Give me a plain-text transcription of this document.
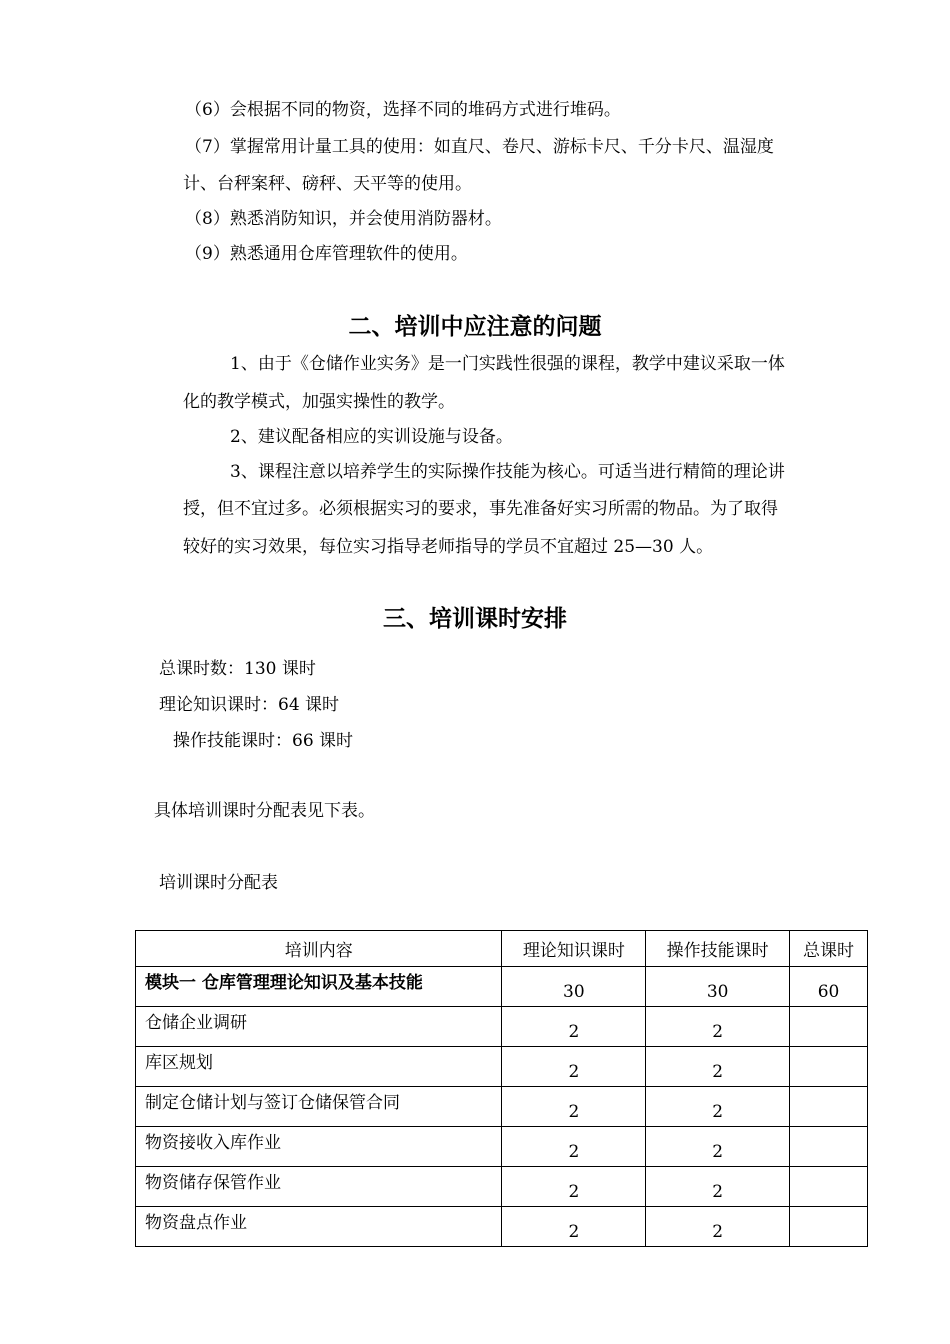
（6）会根据不同的物资，选择不同的堆码方式进行堆码。
（7）掌握常用计量工具的使用：如直尺、卷尺、游标卡尺、千分卡尺、温湿度
计、台秤案秤、磅秤、天平等的使用。
（8）熟悉消防知识，并会使用消防器材。
（9）熟悉通用仓库管理软件的使用。
二、培训中应注意的问题
1、由于《仓储作业实务》是一门实践性很强的课程，教学中建议采取一体
化的教学模式，加强实操性的教学。
2、建议配备相应的实训设施与设备。
3、课程注意以培养学生的实际操作技能为核心。可适当进行精简的理论讲
授，但不宜过多。必须根据实习的要求，事先准备好实习所需的物品。为了取得
较好的实习效果，每位实习指导老师指导的学员不宜超过 25—30 人。
三、培训课时安排
总课时数：130 课时
理论知识课时：64 课时
操作技能课时：66 课时
具体培训课时分配表见下表。
培训课时分配表
培训内容	理论知识课时	操作技能课时	总课时
模块一 仓库管理理论知识及基本技能	30	30	60
仓储企业调研	2	2	
库区规划	2	2	
制定仓储计划与签订仓储保管合同	2	2	
物资接收入库作业	2	2	
物资储存保管作业	2	2	
物资盘点作业	2	2	
